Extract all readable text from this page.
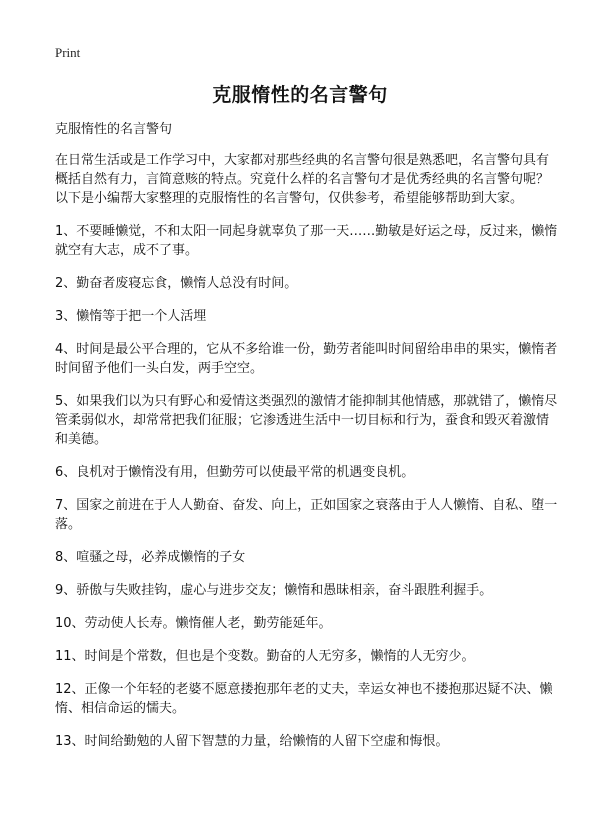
Print
克服惰性的名言警句

克服惰性的名言警句

在日常生活或是工作学习中，大家都对那些经典的名言警句很是熟悉吧，名言警句具有概括自然有力，言简意赅的特点。究竟什么样的名言警句才是优秀经典的名言警句呢？以下是小编帮大家整理的克服惰性的名言警句，仅供参考，希望能够帮助到大家。

1、不要睡懒觉，不和太阳一同起身就辜负了那一天……勤敏是好运之母，反过来，懒惰就空有大志，成不了事。
2、勤奋者废寝忘食，懒惰人总没有时间。
3、懒惰等于把一个人活埋
4、时间是最公平合理的，它从不多给谁一份，勤劳者能叫时间留给串串的果实，懒惰者时间留予他们一头白发，两手空空。
5、如果我们以为只有野心和爱情这类强烈的激情才能抑制其他情感，那就错了，懒惰尽管柔弱似水，却常常把我们征服；它渗透进生活中一切目标和行为，蚕食和毁灭着激情和美德。
6、良机对于懒惰没有用，但勤劳可以使最平常的机遇变良机。
7、国家之前进在于人人勤奋、奋发、向上，正如国家之衰落由于人人懒惰、自私、堕一落。
8、喧骚之母，必养成懒惰的子女
9、骄傲与失败挂钩，虚心与进步交友；懒惰和愚昧相亲，奋斗跟胜利握手。
10、劳动使人长寿。懒惰催人老，勤劳能延年。
11、时间是个常数，但也是个变数。勤奋的人无穷多，懒惰的人无穷少。
12、正像一个年轻的老婆不愿意搂抱那年老的丈夫，幸运女神也不搂抱那迟疑不决、懒惰、相信命运的懦夫。
13、时间给勤勉的人留下智慧的力量，给懒惰的人留下空虚和悔恨。
